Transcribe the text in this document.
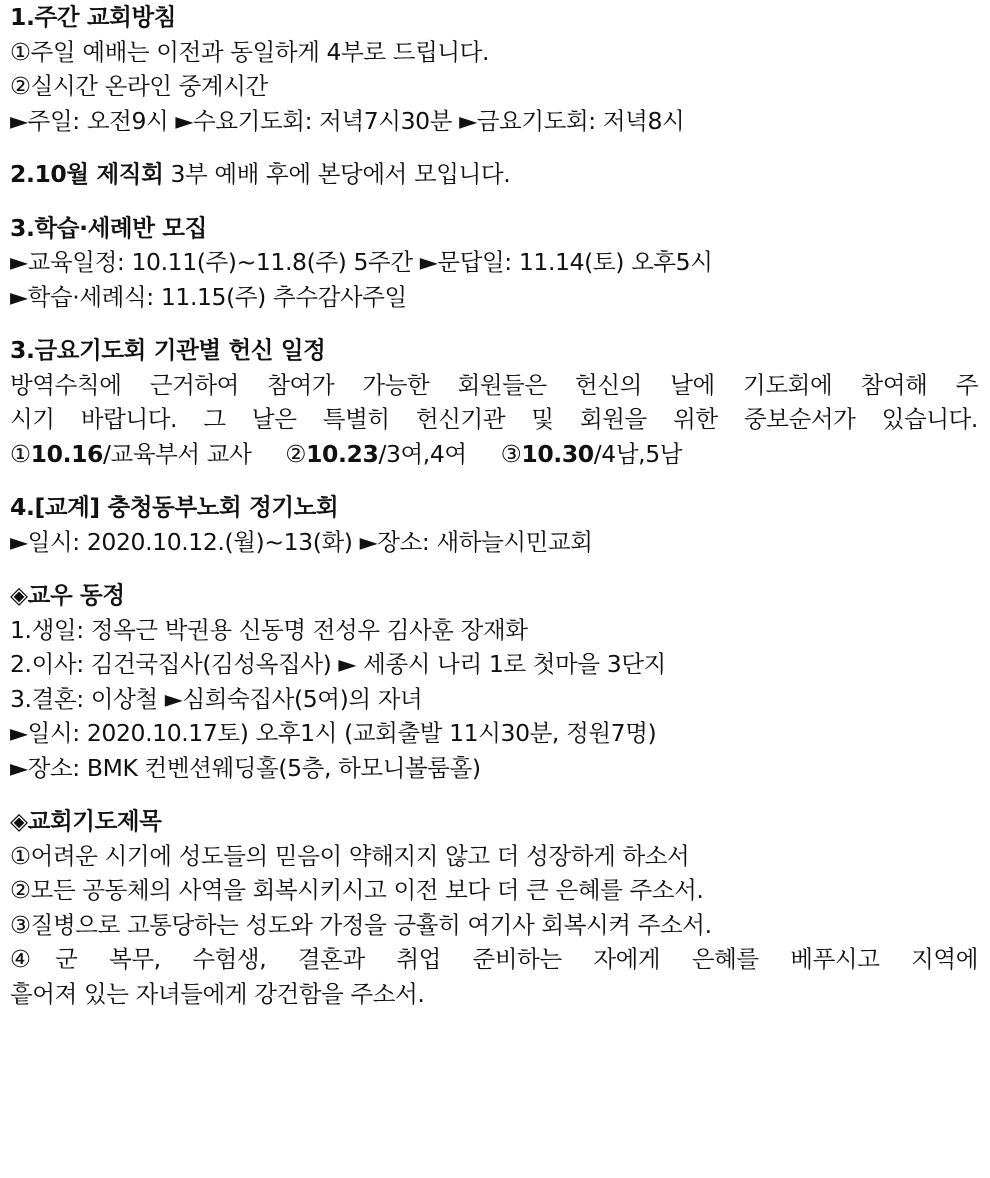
1.주간 교회방침
①주일 예배는 이전과 동일하게 4부로 드립니다.
②실시간 온라인 중계시간
►주일: 오전9시 ►수요기도회: 저녁7시30분 ►금요기도회: 저녁8시
2.10월 제직회 3부 예배 후에 본당에서 모입니다.
3.학습·세례반 모집
►교육일정: 10.11(주)~11.8(주) 5주간 ►문답일: 11.14(토) 오후5시
►학습·세례식: 11.15(주) 추수감사주일
3.금요기도회 기관별 헌신 일정
방역수칙에 근거하여 참여가 가능한 회원들은 헌신의 날에 기도회에 참여해 주
시기 바랍니다. 그 날은 특별히 헌신기관 및 회원을 위한 중보순서가 있습니다.
①10.16/교육부서 교사 ②10.23/3여,4여 ③10.30/4남,5남
4.[교계] 충청동부노회 정기노회
►일시: 2020.10.12.(월)~13(화) ►장소: 새하늘시민교회
◈교우 동정
1.생일: 정옥근 박권용 신동명 전성우 김사훈 장재화
2.이사: 김건국집사(김성옥집사) ► 세종시 나리 1로 첫마을 3단지
3.결혼: 이상철 ►심희숙집사(5여)의 자녀
►일시: 2020.10.17토) 오후1시 (교회출발 11시30분, 정원7명)
►장소: BMK 컨벤션웨딩홀(5층, 하모니볼룸홀)
◈교회기도제목
①어려운 시기에 성도들의 믿음이 약해지지 않고 더 성장하게 하소서
②모든 공동체의 사역을 회복시키시고 이전 보다 더 큰 은혜를 주소서.
③질병으로 고통당하는 성도와 가정을 긍휼히 여기사 회복시켜 주소서.
④군 복무, 수험생, 결혼과 취업 준비하는 자에게 은혜를 베푸시고 지역에
흩어져 있는 자녀들에게 강건함을 주소서.
